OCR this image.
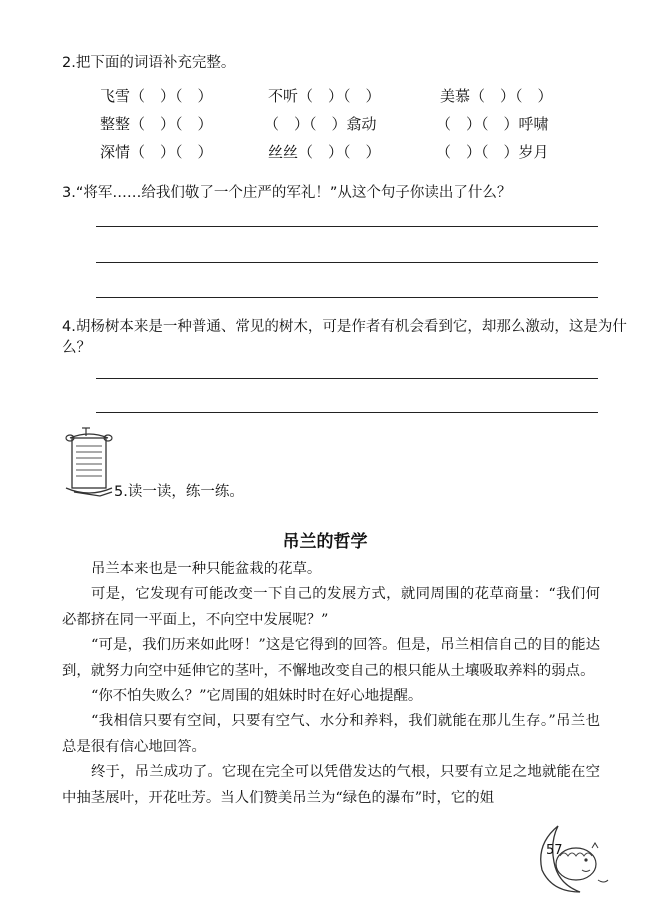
2.把下面的词语补充完整。
飞雪（　）（　）	不听（　）（　）	美慕（　）（　）
整整（　）（　）	（　）（　）翕动	（　）（　）呼啸
深情（　）（　）	丝丝（　）（　）	（　）（　）岁月
3.“将军……给我们敬了一个庄严的军礼！”从这个句子你读出了什么？
4.胡杨树本来是一种普通、常见的树木，可是作者有机会看到它，却那么激动，这是为什
么？
5.读一读，练一练。
吊兰的哲学

吊兰本来也是一种只能盆栽的花草。

可是，它发现有可能改变一下自己的发展方式，就同周围的花草商量：“我们何必都挤在同一平面上，不向空中发展呢？”

“可是，我们历来如此呀！”这是它得到的回答。但是，吊兰相信自己的目的能达到，就努力向空中延伸它的茎叶，不懈地改变自己的根只能从土壤吸取养料的弱点。

“你不怕失败么？”它周围的姐妹时时在好心地提醒。

“我相信只要有空间，只要有空气、水分和养料，我们就能在那儿生存。”吊兰也总是很有信心地回答。

终于，吊兰成功了。它现在完全可以凭借发达的气根，只要有立足之地就能在空中抽茎展叶，开花吐芳。当人们赞美吊兰为“绿色的瀑布”时，它的姐

57
